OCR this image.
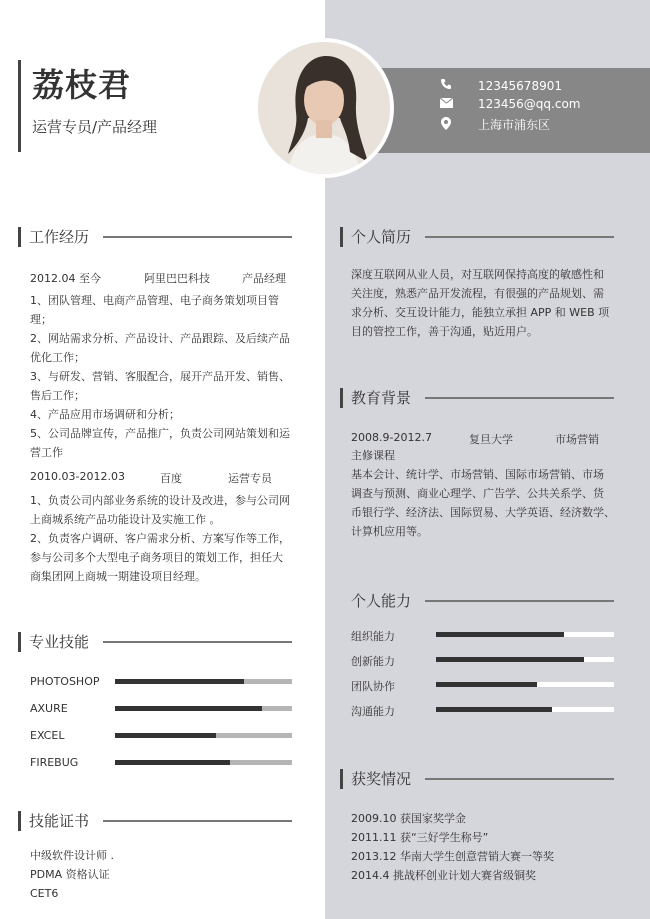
荔枝君
运营专员/产品经理
12345678901
123456@qq.com
上海市浦东区
工作经历
2012.04 至今	阿里巴巴科技	产品经理
1、团队管理、电商产品管理、电子商务策划项目管理；
2、网站需求分析、产品设计、产品跟踪、及后续产品
优化工作；
3、与研发、营销、客服配合，展开产品开发、销售、
售后工作；
4、产品应用市场调研和分析；
5、公司品牌宣传，产品推广，负责公司网站策划和运
营工作
2010.03-2012.03	百度	运营专员
1、负责公司内部业务系统的设计及改进，参与公司网
上商城系统产品功能设计及实施工作 。
2、负责客户调研、客户需求分析、方案写作等工作，
参与公司多个大型电子商务项目的策划工作，担任大
商集团网上商城一期建设项目经理。
专业技能
PHOTOSHOP
AXURE
EXCEL
FIREBUG
技能证书
中级软件设计师 .
PDMA 资格认证
CET6
个人简历
深度互联网从业人员，对互联网保持高度的敏感性和
关注度，熟悉产品开发流程，有很强的产品规划、需
求分析、交互设计能力，能独立承担 APP 和 WEB 项
目的管控工作，善于沟通，贴近用户。
教育背景
2008.9-2012.7	复旦大学	市场营销
主修课程
基本会计、统计学、市场营销、国际市场营销、市场
调查与预测、商业心理学、广告学、公共关系学、货
币银行学、经济法、国际贸易、大学英语、经济数学、
计算机应用等。
个人能力
组织能力
创新能力
团队协作
沟通能力
获奖情况
2009.10 获国家奖学金
2011.11 获“三好学生称号”
2013.12 华南大学生创意营销大赛一等奖
2014.4 挑战杯创业计划大赛省级铜奖
